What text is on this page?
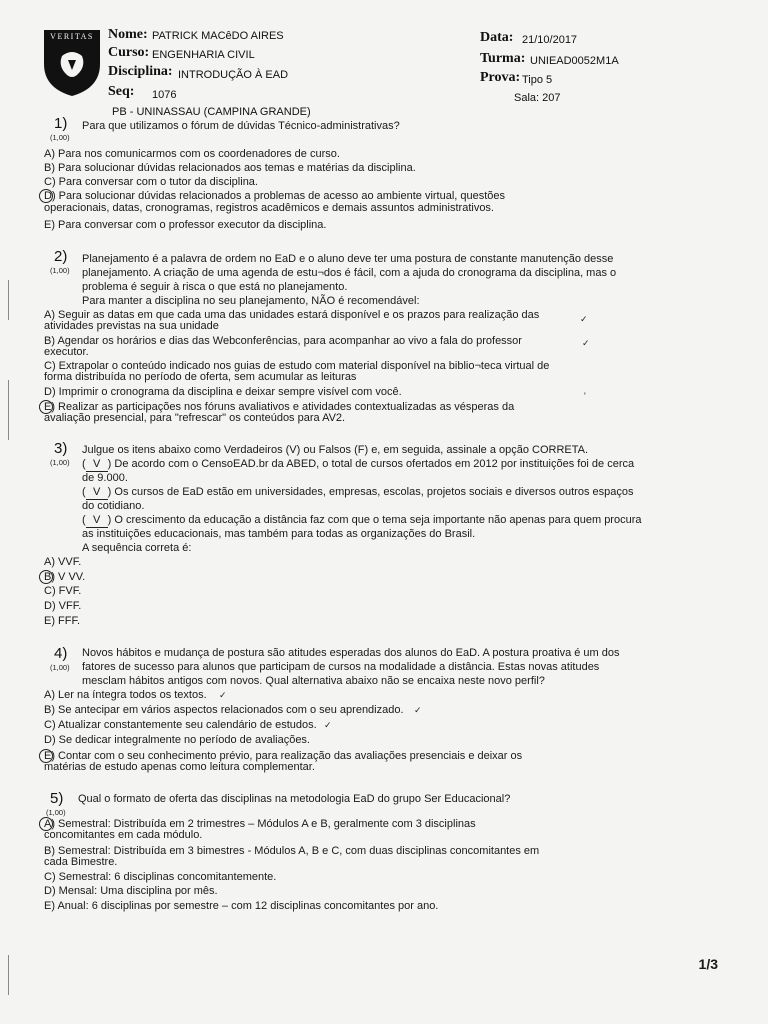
VERITAS Nome: PATRICK MACêDO AIRES
Curso: ENGENHARIA CIVIL
Disciplina: INTRODUÇÃO À EAD
Seq: 1076
Data: 21/10/2017
Turma: UNIEAD0052M1A
Prova: Tipo 5
Sala: 207
PB - UNINASSAU (CAMPINA GRANDE)
1)
(1,00)
Para que utilizamos o fórum de dúvidas Técnico-administrativas?
A) Para nos comunicarmos com os coordenadores de curso.
B) Para solucionar dúvidas relacionados aos temas e matérias da disciplina.
C) Para conversar com o tutor da disciplina.
D) Para solucionar dúvidas relacionados a problemas de acesso ao ambiente virtual, questões
operacionais, datas, cronogramas, registros acadêmicos e demais assuntos administrativos.
E) Para conversar com o professor executor da disciplina.
2)
(1,00)
Planejamento é a palavra de ordem no EaD e o aluno deve ter uma postura de constante manutenção desse
planejamento. A criação de uma agenda de estu¬dos é fácil, com a ajuda do cronograma da disciplina, mas o
problema é seguir à risca o que está no planejamento.
Para manter a disciplina no seu planejamento, NÃO é recomendável:
A) Seguir as datas em que cada uma das unidades estará disponível e os prazos para realização das
atividades previstas na sua unidade
B) Agendar os horários e dias das Webconferências, para acompanhar ao vivo a fala do professor
executor.
C) Extrapolar o conteúdo indicado nos guias de estudo com material disponível na biblio¬teca virtual de
forma distribuída no período de oferta, sem acumular as leituras
D) Imprimir o cronograma da disciplina e deixar sempre visível com você.
E) Realizar as participações nos fóruns avaliativos e atividades contextualizadas as vésperas da
avaliação presencial, para "refrescar" os conteúdos para AV2.
✓
✓
'
3)
(1,00)
Julgue os itens abaixo como Verdadeiros (V) ou Falsos (F) e, em seguida, assinale a opção CORRETA.
( V ) De acordo com o CensoEAD.br da ABED, o total de cursos ofertados em 2012 por instituições foi de cerca
de 9.000.
( V ) Os cursos de EaD estão em universidades, empresas, escolas, projetos sociais e diversos outros espaços
do cotidiano.
( V ) O crescimento da educação a distância faz com que o tema seja importante não apenas para quem procura
as instituições educacionais, mas também para todas as organizações do Brasil.
A sequência correta é:
A) VVF.
B) V VV.
C) FVF.
D) VFF.
E) FFF.
4)
(1,00)
Novos hábitos e mudança de postura são atitudes esperadas dos alunos do EaD. A postura proativa é um dos
fatores de sucesso para alunos que participam de cursos na modalidade a distância. Estas novas atitudes
mesclam hábitos antigos com novos. Qual alternativa abaixo não se encaixa neste novo perfil?
A) Ler na íntegra todos os textos.
B) Se antecipar em vários aspectos relacionados com o seu aprendizado.
C) Atualizar constantemente seu calendário de estudos.
D) Se dedicar integralmente no período de avaliações.
E) Contar com o seu conhecimento prévio, para realização das avaliações presenciais e deixar os
matérias de estudo apenas como leitura complementar.
✓
✓
✓
5)
(1,00)
Qual o formato de oferta das disciplinas na metodologia EaD do grupo Ser Educacional?
A) Semestral: Distribuída em 2 trimestres – Módulos A e B, geralmente com 3 disciplinas
concomitantes em cada módulo.
B) Semestral: Distribuída em 3 bimestres - Módulos A, B e C, com duas disciplinas concomitantes em
cada Bimestre.
C) Semestral: 6 disciplinas concomitantemente.
D) Mensal: Uma disciplina por mês.
E) Anual: 6 disciplinas por semestre – com 12 disciplinas concomitantes por ano.
1/3
